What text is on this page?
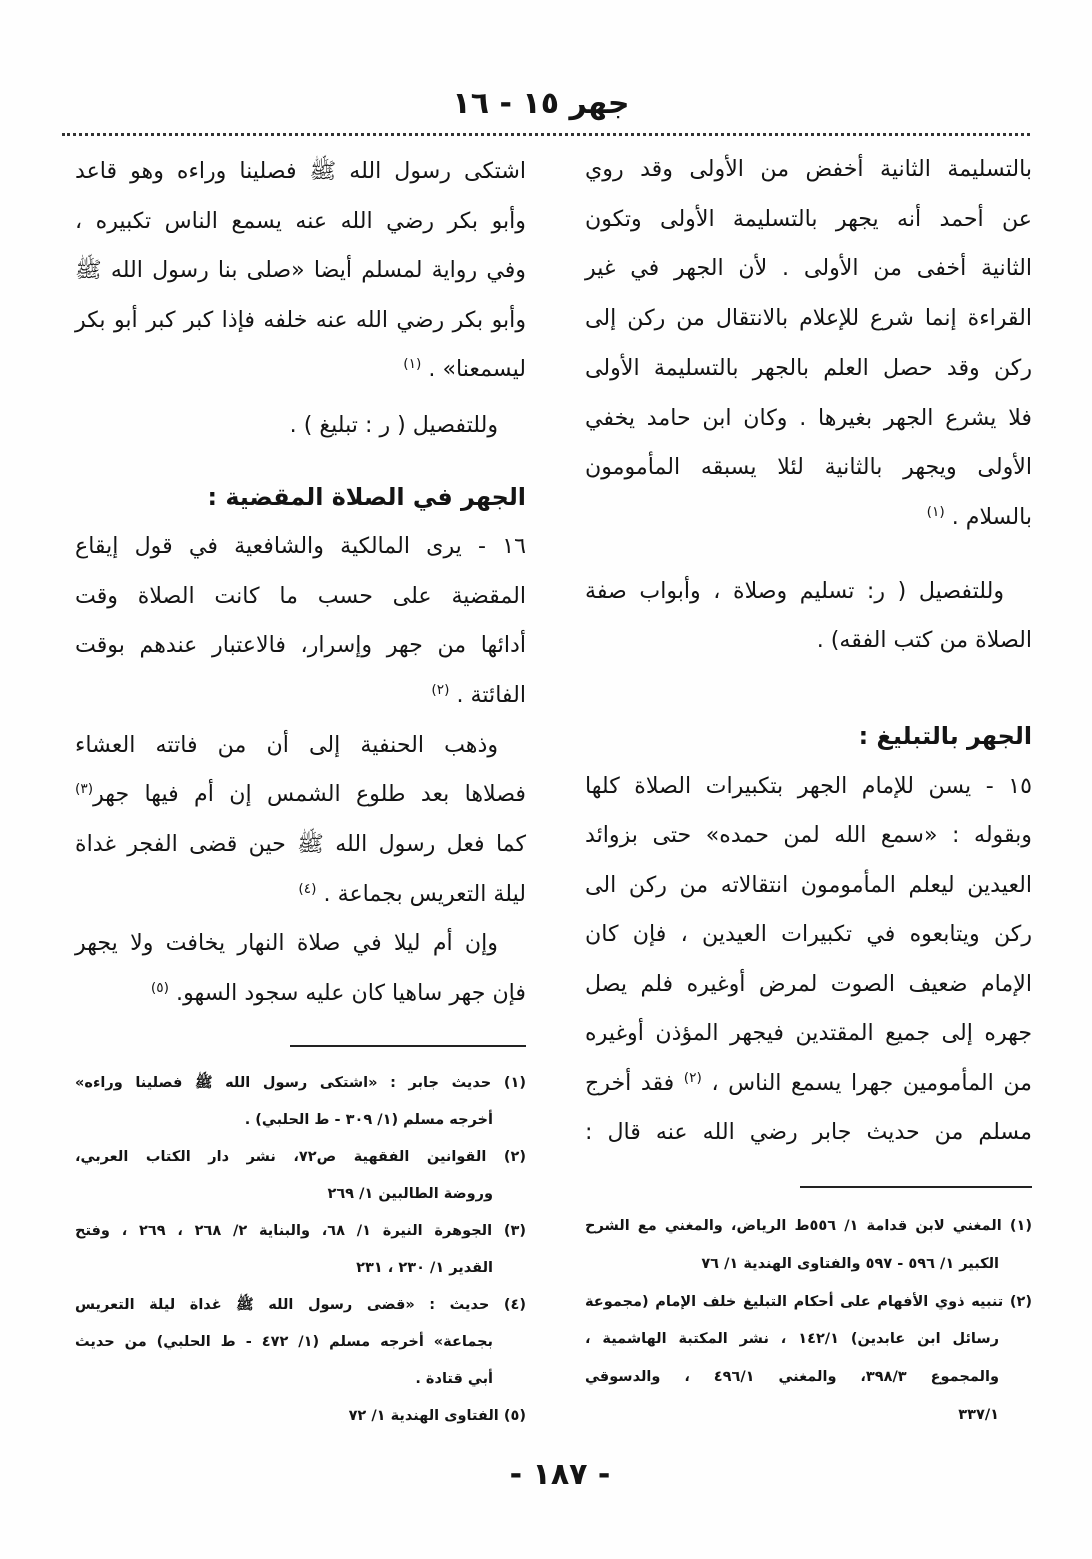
جهر ١٥ - ١٦
بالتسليمة الثانية أخفض من الأولى وقد روي
عن أحمد أنه يجهر بالتسليمة الأولى وتكون
الثانية أخفى من الأولى . لأن الجهر في غير
القراءة إنما شرع للإعلام بالانتقال من ركن إلى
ركن وقد حصل العلم بالجهر بالتسليمة الأولى
فلا يشرع الجهر بغيرها . وكان ابن حامد يخفي
الأولى ويجهر بالثانية لئلا يسبقه المأمومون
بالسلام . $^{(١)}$
وللتفصيل ( ر: تسليم وصلاة ، وأبواب صفة
الصلاة من كتب الفقه) .
الجهر بالتبليغ :
١٥ - يسن للإمام الجهر بتكبيرات الصلاة كلها
وبقوله : «سمع الله لمن حمده» حتى بزوائد
العيدين ليعلم المأمومون انتقالاته من ركن الى
ركن ويتابعوه في تكبيرات العيدين ، فإن كان
الإمام ضعيف الصوت لمرض أوغيره فلم يصل
جهره إلى جميع المقتدين فيجهر المؤذن أوغيره
من المأمومين جهرا يسمع الناس ، $^{(٢)}$ فقد أخرج
مسلم من حديث جابر رضي الله عنه قال :
(١) المغني لابن قدامة ١/ ٥٥٦ط الرياض، والمغني مع الشرح
الكبير ١/ ٥٩٦ - ٥٩٧ والفتاوى الهندية ١/ ٧٦
(٢) تنبيه ذوي الأفهام على أحكام التبليغ خلف الإمام (مجموعة
رسائل ابن عابدين) ١٤٢/١ ، نشر المكتبة الهاشمية ،
والمجموع ٣٩٨/٣، والمغني ٤٩٦/١ ، والدسوقي
٣٣٧/١
اشتكى رسول الله ﷺ فصلينا وراءه وهو قاعد
وأبو بكر رضي الله عنه يسمع الناس تكبيره ،
وفي رواية لمسلم أيضا «صلى بنا رسول الله ﷺ
وأبو بكر رضي الله عنه خلفه فإذا كبر كبر أبو بكر
ليسمعنا» . $^{(١)}$
وللتفصيل ( ر : تبليغ ) .
الجهر في الصلاة المقضية :
١٦ - يرى المالكية والشافعية في قول إيقاع
المقضية على حسب ما كانت الصلاة وقت
أدائها من جهر وإسرار، فالاعتبار عندهم بوقت
الفائتة . $^{(٢)}$
وذهب الحنفية إلى أن من فاتته العشاء
فصلاها بعد طلوع الشمس إن أم فيها جهر$^{(٣)}$
كما فعل رسول الله ﷺ حين قضى الفجر غداة
ليلة التعريس بجماعة . $^{(٤)}$
وإن أم ليلا في صلاة النهار يخافت ولا يجهر
فإن جهر ساهيا كان عليه سجود السهو. $^{(٥)}$
(١) حديث جابر : «اشتكى رسول الله ﷺ فصلينا وراءه»
أخرجه مسلم (١/ ٣٠٩ - ط الحلبي) .
(٢) القوانين الفقهية ص٧٢، نشر دار الكتاب العربي،
وروضة الطالبين ١/ ٢٦٩
(٣) الجوهرة النيرة ١/ ٦٨، والبناية ٢/ ٢٦٨ ، ٢٦٩ ، وفتح
القدير ١/ ٢٣٠ ، ٢٣١
(٤) حديث : «قضى رسول الله ﷺ غداة ليلة التعريس
بجماعة» أخرجه مسلم (١/ ٤٧٢ - ط الحلبي) من حديث
أبي قتادة .
(٥) الفتاوى الهندية ١/ ٧٢
- ١٨٧ -
